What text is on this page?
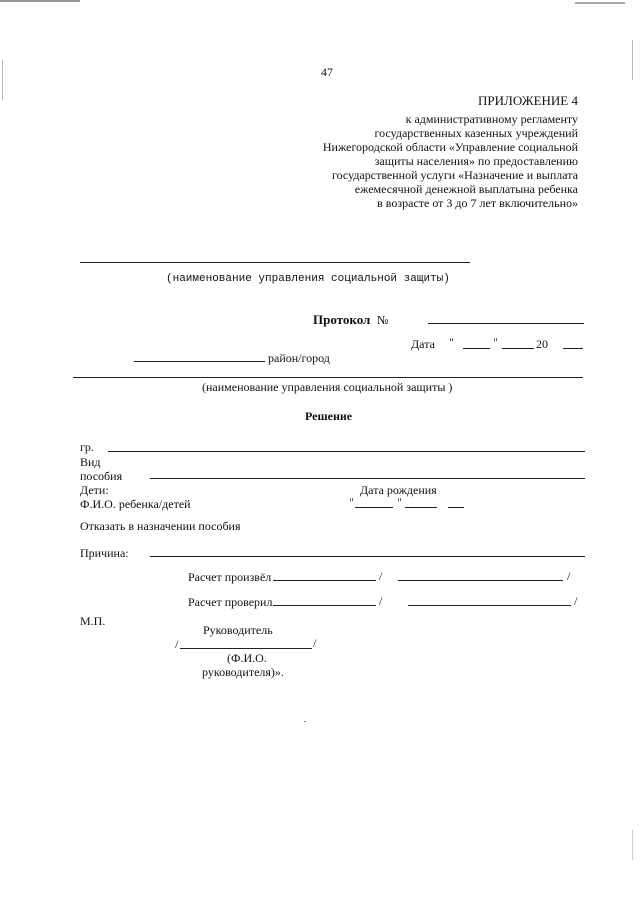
47
ПРИЛОЖЕНИЕ 4
к административному регламенту
государственных казенных учреждений
Нижегородской области «Управление социальной
защиты населения» по предоставлению
государственной услуги «Назначение и выплата
ежемесячной денежной выплатына ребенка
в возрасте от 3 до 7 лет включительно»
(наименование управления социальной защиты)
Протокол №
Дата "	"	20
район/город
(наименование управления социальной защиты )
Решение
гр.
Вид
пособия
Дети:	Дата рождения
Ф.И.О. ребенка/детей	"	"
Отказать в назначении пособия
Причина:
Расчет произвёл	/	/
Расчет проверил	/	/
М.П.
Руководитель
/	/
(Ф.И.О.
руководителя)».
